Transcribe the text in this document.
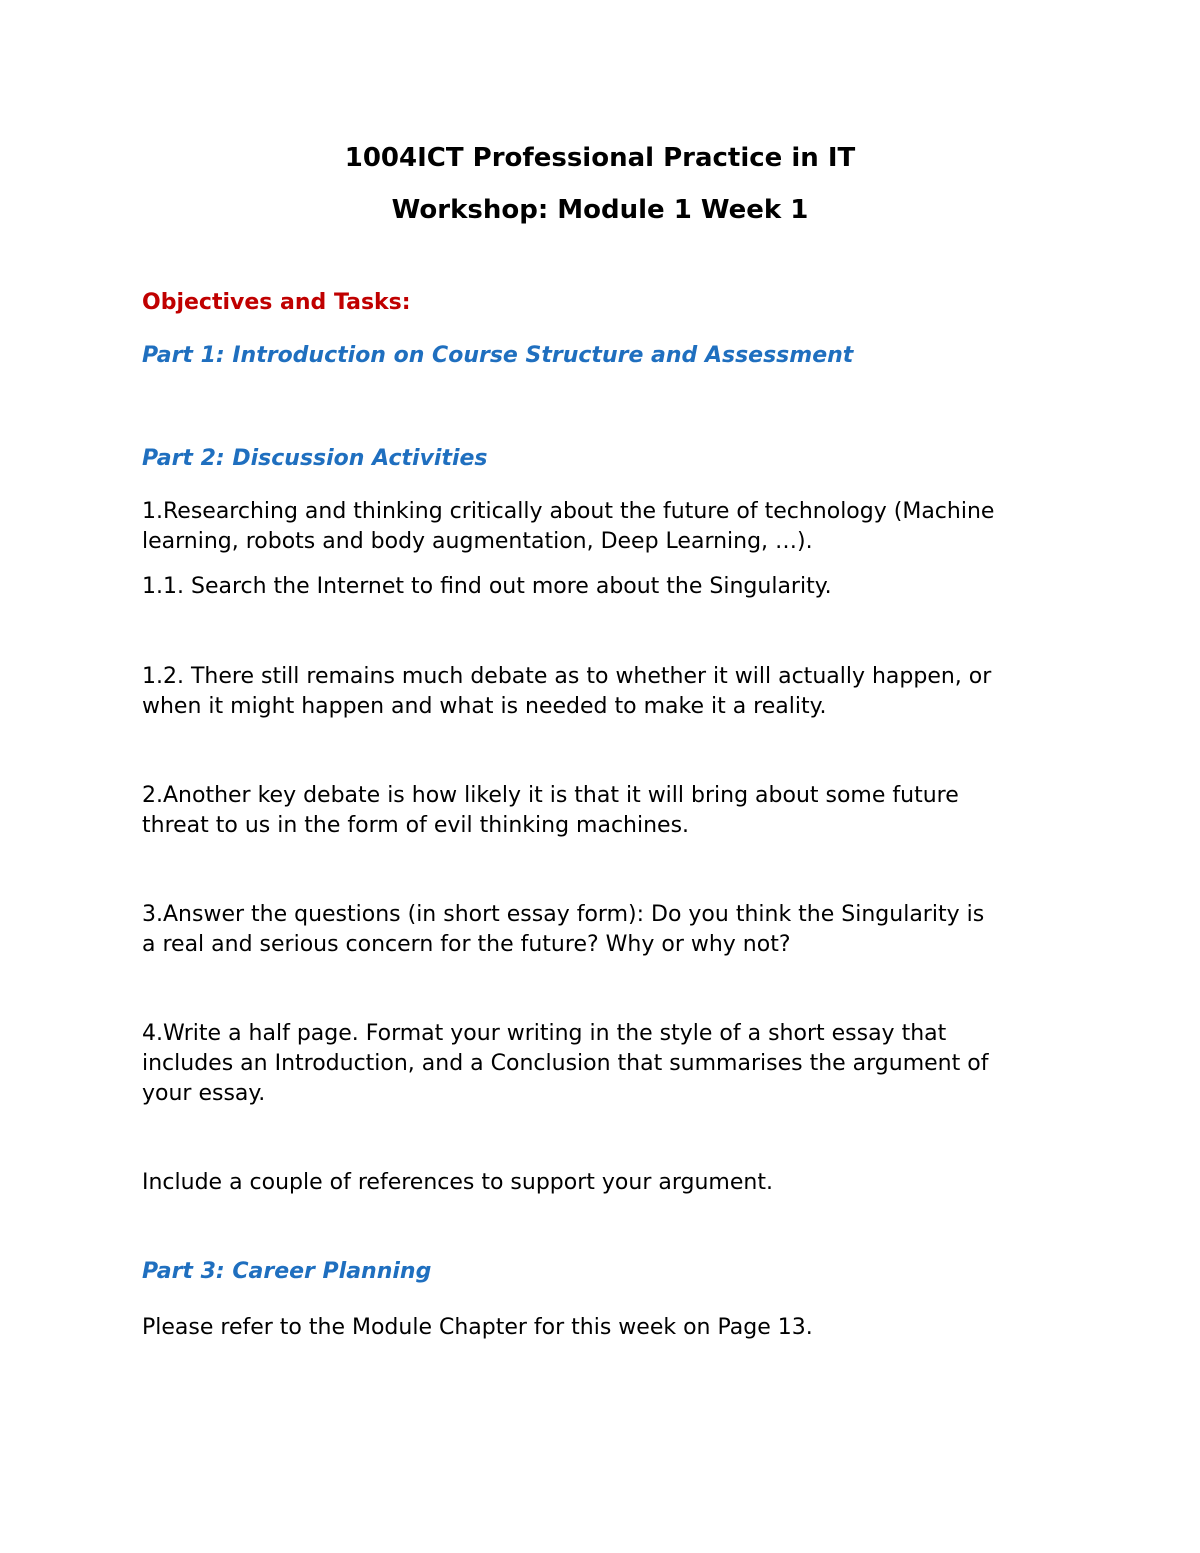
1004ICT Professional Practice in IT
Workshop: Module 1 Week 1
Objectives and Tasks:
Part 1: Introduction on Course Structure and Assessment
Part 2: Discussion Activities
1.Researching and thinking critically about the future of technology (Machine
learning, robots and body augmentation, Deep Learning, …).
1.1. Search the Internet to find out more about the Singularity.
1.2. There still remains much debate as to whether it will actually happen, or
when it might happen and what is needed to make it a reality.
2.Another key debate is how likely it is that it will bring about some future
threat to us in the form of evil thinking machines.
3.Answer the questions (in short essay form): Do you think the Singularity is
a real and serious concern for the future? Why or why not?
4.Write a half page. Format your writing in the style of a short essay that
includes an Introduction, and a Conclusion that summarises the argument of
your essay.
Include a couple of references to support your argument.
Part 3: Career Planning
Please refer to the Module Chapter for this week on Page 13.
